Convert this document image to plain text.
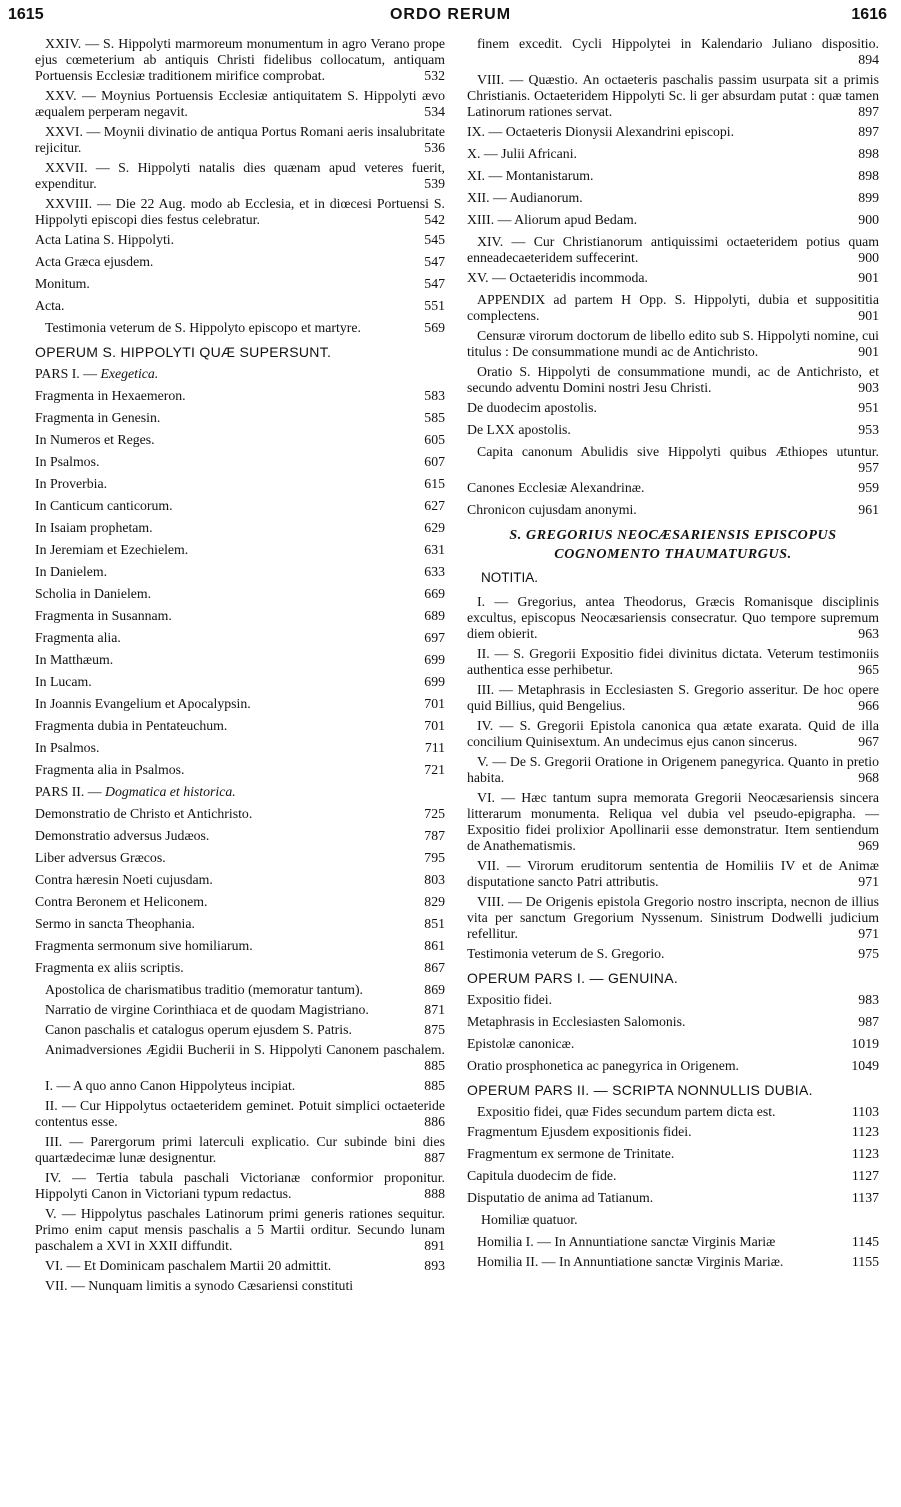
1615	ORDO RERUM	1616
XXIV. — S. Hippolyti marmoreum monumentum in agro Verano prope ejus cœmeterium ab antiquis Christi fidelibus collocatum, antiquam Portuensis Ecclesiæ traditionem mirifice comprobat.	532
XXV. — Moynius Portuensis Ecclesiæ antiquitatem S. Hippolyti ævo æqualem perperam negavit.	534
XXVI. — Moynii divinatio de antiqua Portus Romani aeris insalubritate rejicitur.	536
XXVII. — S. Hippolyti natalis dies quænam apud veteres fuerit, expenditur.	539
XXVIII. — Die 22 Aug. modo ab Ecclesia, et in diœcesi Portuensi S. Hippolyti episcopi dies festus celebratur.	542
Acta Latina S. Hippolyti.	545
Acta Græca ejusdem.	547
Monitum.	547
Acta.	551
Testimonia veterum de S. Hippolyto episcopo et martyre.	569
OPERUM S. HIPPOLYTI QUÆ SUPERSUNT.
PARS I. — Exegetica.
Fragmenta in Hexaemeron.	583
Fragmenta in Genesin.	585
In Numeros et Reges.	605
In Psalmos.	607
In Proverbia.	615
In Canticum canticorum.	627
In Isaiam prophetam.	629
In Jeremiam et Ezechielem.	631
In Danielem.	633
Scholia in Danielem.	669
Fragmenta in Susannam.	689
Fragmenta alia.	697
In Matthæum.	699
In Lucam.	699
In Joannis Evangelium et Apocalypsin.	701
Fragmenta dubia in Pentateuchum.	701
In Psalmos.	711
Fragmenta alia in Psalmos.	721
PARS II. — Dogmatica et historica.
Demonstratio de Christo et Antichristo.	725
Demonstratio adversus Judæos.	787
Liber adversus Græcos.	795
Contra hæresin Noeti cujusdam.	803
Contra Beronem et Heliconem.	829
Sermo in sancta Theophania.	851
Fragmenta sermonum sive homiliarum.	861
Fragmenta ex aliis scriptis.	867
Apostolica de charismatibus traditio (memoratur tantum).	869
Narratio de virgine Corinthiaca et de quodam Magistriano.	871
Canon paschalis et catalogus operum ejusdem S. Patris.	875
Animadversiones Ægidii Bucherii in S. Hippolyti Canonem paschalem.
885
I. — A quo anno Canon Hippolyteus incipiat.	885
II. — Cur Hippolytus octaeteridem geminet. Potuit simplici octaeteride contentus esse.	886
III. — Parergorum primi laterculi explicatio. Cur subinde bini dies quartædecimæ lunæ designentur.	887
IV. — Tertia tabula paschali Victorianæ conformior proponitur. Hippolyti Canon in Victoriani typum redactus.	888
V. — Hippolytus paschales Latinorum primi generis rationes sequitur. Primo enim caput mensis paschalis a 5 Martii orditur. Secundo lunam paschalem a XVI in XXII diffundit.	891
VI. — Et Dominicam paschalem Martii 20 admittit.	893
VII. — Nunquam limitis a synodo Cæsariensi constituti
finem excedit. Cycli Hippolytei in Kalendario Juliano dispositio.
894
VIII. — Quæstio. An octaeteris paschalis passim usurpata sit a primis Christianis. Octaeteridem Hippolyti Sc. li ger absurdam putat : quæ tamen Latinorum rationes servat.	897
IX. — Octaeteris Dionysii Alexandrini episcopi.	897
X. — Julii Africani.	898
XI. — Montanistarum.	898
XII. — Audianorum.	899
XIII. — Aliorum apud Bedam.	900
XIV. — Cur Christianorum antiquissimi octaeteridem potius quam enneadecaeteridem suffecerint.	900
XV. — Octaeteridis incommoda.	901
APPENDIX ad partem H Opp. S. Hippolyti, dubia et supposititia complectens.	901
Censuræ virorum doctorum de libello edito sub S. Hippolyti nomine, cui titulus : De consummatione mundi ac de Antichristo.	901
Oratio S. Hippolyti de consummatione mundi, ac de Antichristo, et secundo adventu Domini nostri Jesu Christi.	903
De duodecim apostolis.	951
De LXX apostolis.	953
Capita canonum Abulidis sive Hippolyti quibus Æthiopes utuntur.
957
Canones Ecclesiæ Alexandrinæ.	959
Chronicon cujusdam anonymi.	961
S. GREGORIUS NEOCÆSARIENSIS EPISCOPUS
COGNOMENTO THAUMATURGUS.
NOTITIA.
I. — Gregorius, antea Theodorus, Græcis Romanisque disciplinis excultus, episcopus Neocæsariensis consecratur. Quo tempore supremum diem obierit.	963
II. — S. Gregorii Expositio fidei divinitus dictata. Veterum testimoniis authentica esse perhibetur.	965
III. — Metaphrasis in Ecclesiasten S. Gregorio asseritur. De hoc opere quid Billius, quid Bengelius.	966
IV. — S. Gregorii Epistola canonica qua ætate exarata. Quid de illa concilium Quinisextum. An undecimus ejus canon sincerus.	967
V. — De S. Gregorii Oratione in Origenem panegyrica. Quanto in pretio habita.	968
VI. — Hæc tantum supra memorata Gregorii Neocæsariensis sincera litterarum monumenta. Reliqua vel dubia vel pseudo-epigrapha. — Expositio fidei prolixior Apollinarii esse demonstratur. Item sentiendum de Anathematismis.	969
VII. — Virorum eruditorum sententia de Homiliis IV et de Animæ disputatione sancto Patri attributis.	971
VIII. — De Origenis epistola Gregorio nostro inscripta, necnon de illius vita per sanctum Gregorium Nyssenum. Sinistrum Dodwelli judicium refellitur.	971
Testimonia veterum de S. Gregorio.	975
OPERUM PARS I. — GENUINA.
Expositio fidei.	983
Metaphrasis in Ecclesiasten Salomonis.	987
Epistolæ canonicæ.	1019
Oratio prosphonetica ac panegyrica in Origenem.	1049
OPERUM PARS II. — SCRIPTA NONNULLIS DUBIA.
Expositio fidei, quæ Fides secundum partem dicta est.	1103
Fragmentum Ejusdem expositionis fidei.	1123
Fragmentum ex sermone de Trinitate.	1123
Capitula duodecim de fide.	1127
Disputatio de anima ad Tatianum.	1137
Homiliæ quatuor.
Homilia I. — In Annuntiatione sanctæ Virginis Mariæ	1145
Homilia II. — In Annuntiatione sanctæ Virginis Mariæ.	1155
